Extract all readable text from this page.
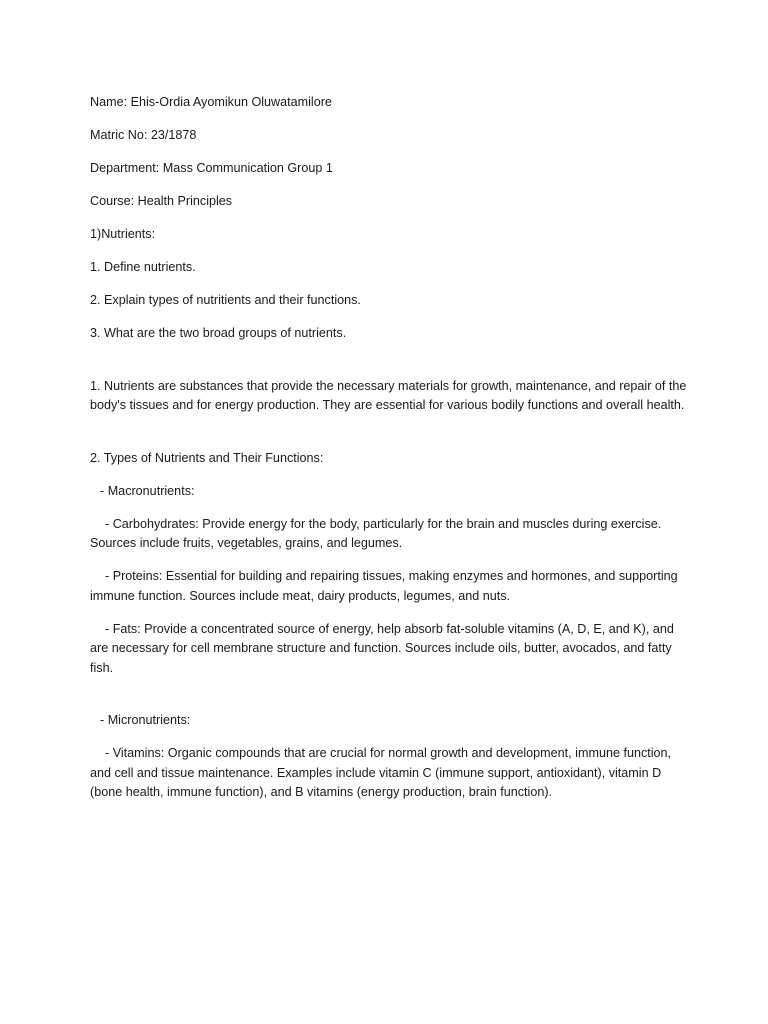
Name: Ehis-Ordia Ayomikun Oluwatamilore

Matric No: 23/1878

Department: Mass Communication Group 1

Course: Health Principles

1)Nutrients:

1. Define nutrients.

2. Explain types of nutritients and their functions.

3. What are the two broad groups of nutrients.

1. Nutrients are substances that provide the necessary materials for growth, maintenance, and repair of the body's tissues and for energy production. They are essential for various bodily functions and overall health.

2. Types of Nutrients and Their Functions:

- Macronutrients:

- Carbohydrates: Provide energy for the body, particularly for the brain and muscles during exercise. Sources include fruits, vegetables, grains, and legumes.

- Proteins: Essential for building and repairing tissues, making enzymes and hormones, and supporting immune function. Sources include meat, dairy products, legumes, and nuts.

- Fats: Provide a concentrated source of energy, help absorb fat-soluble vitamins (A, D, E, and K), and are necessary for cell membrane structure and function. Sources include oils, butter, avocados, and fatty fish.

- Micronutrients:

- Vitamins: Organic compounds that are crucial for normal growth and development, immune function, and cell and tissue maintenance. Examples include vitamin C (immune support, antioxidant), vitamin D (bone health, immune function), and B vitamins (energy production, brain function).
